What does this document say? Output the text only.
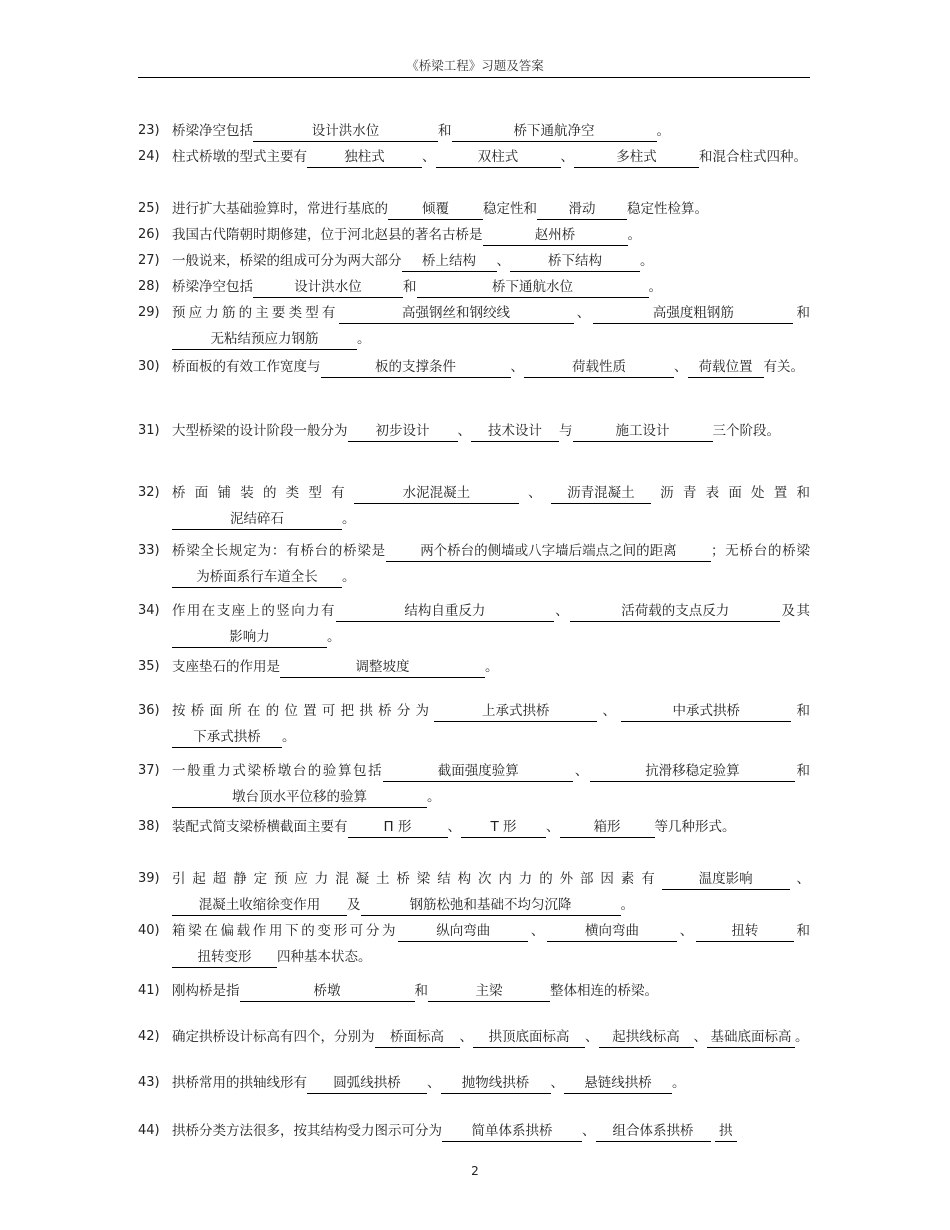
《桥梁工程》习题及答案
23) 桥梁净空包括	设计洪水位	和	桥下通航净空	。
24) 柱式桥墩的型式主要有	独柱式	、	双柱式	、	多柱式	和混合柱式四种。
25) 进行扩大基础验算时，常进行基底的	倾覆	稳定性和 滑动 稳定性检算。
26) 我国古代隋朝时期修建，位于河北赵县的著名古桥是	赵州桥	。
27) 一般说来，桥梁的组成可分为两大部分 桥上结构 、	桥下结构	。
28) 桥梁净空包括	设计洪水位	和	桥下通航水位	。
29) 预应力筋的主要类型有	高强钢丝和钢绞线	、	高强度粗钢筋	和无粘结预应力钢筋	。
30) 桥面板的有效工作宽度与	板的支撑条件	、	荷载性质	、 荷载位置 有关。
31) 大型桥梁的设计阶段一般分为 初步设计 、 技术设计 与	施工设计	三个阶段。
32) 桥面铺装的类型有	水泥混凝土	、 沥青混凝土 沥青表面处置和泥结碎石	。
33) 桥梁全长规定为：有桥台的桥梁是	两个桥台的侧墙或八字墙后端点之间的距离	；无桥台的桥梁为桥面系行车道全长 。
34) 作用在支座上的竖向力有	结构自重反力	、	活荷载的支点反力	及其影响力	。
35) 支座垫石的作用是	调整坡度	。
36) 按桥面所在的位置可把拱桥分为	上承式拱桥	、	中承式拱桥	和下承式拱桥 。
37) 一般重力式梁桥墩台的验算包括	截面强度验算	、	抗滑移稳定验算	和墩台顶水平位移的验算	。
38) 装配式简支梁桥横截面主要有	Π 形	、 T 形 、	箱形	等几种形式。
39) 引起超静定预应力混凝土桥梁结构次内力的外部因素有	温度影响	、混凝土收缩徐变作用 及	钢筋松弛和基础不均匀沉降	。
40) 箱梁在偏载作用下的变形可分为	纵向弯曲	、	横向弯曲	、	扭转	和扭转变形 四种基本状态。
41) 刚构桥是指	桥墩	和	主梁	整体相连的桥梁。
42) 确定拱桥设计标高有四个，分别为 桥面标高 、 拱顶底面标高 、 起拱线标高 、 基础底面标高 。
43) 拱桥常用的拱轴线形有 圆弧线拱桥 、 抛物线拱桥 、 悬链线拱桥 。
44) 拱桥分类方法很多，按其结构受力图示可分为 简单体系拱桥 、 组合体系拱桥 拱
2
